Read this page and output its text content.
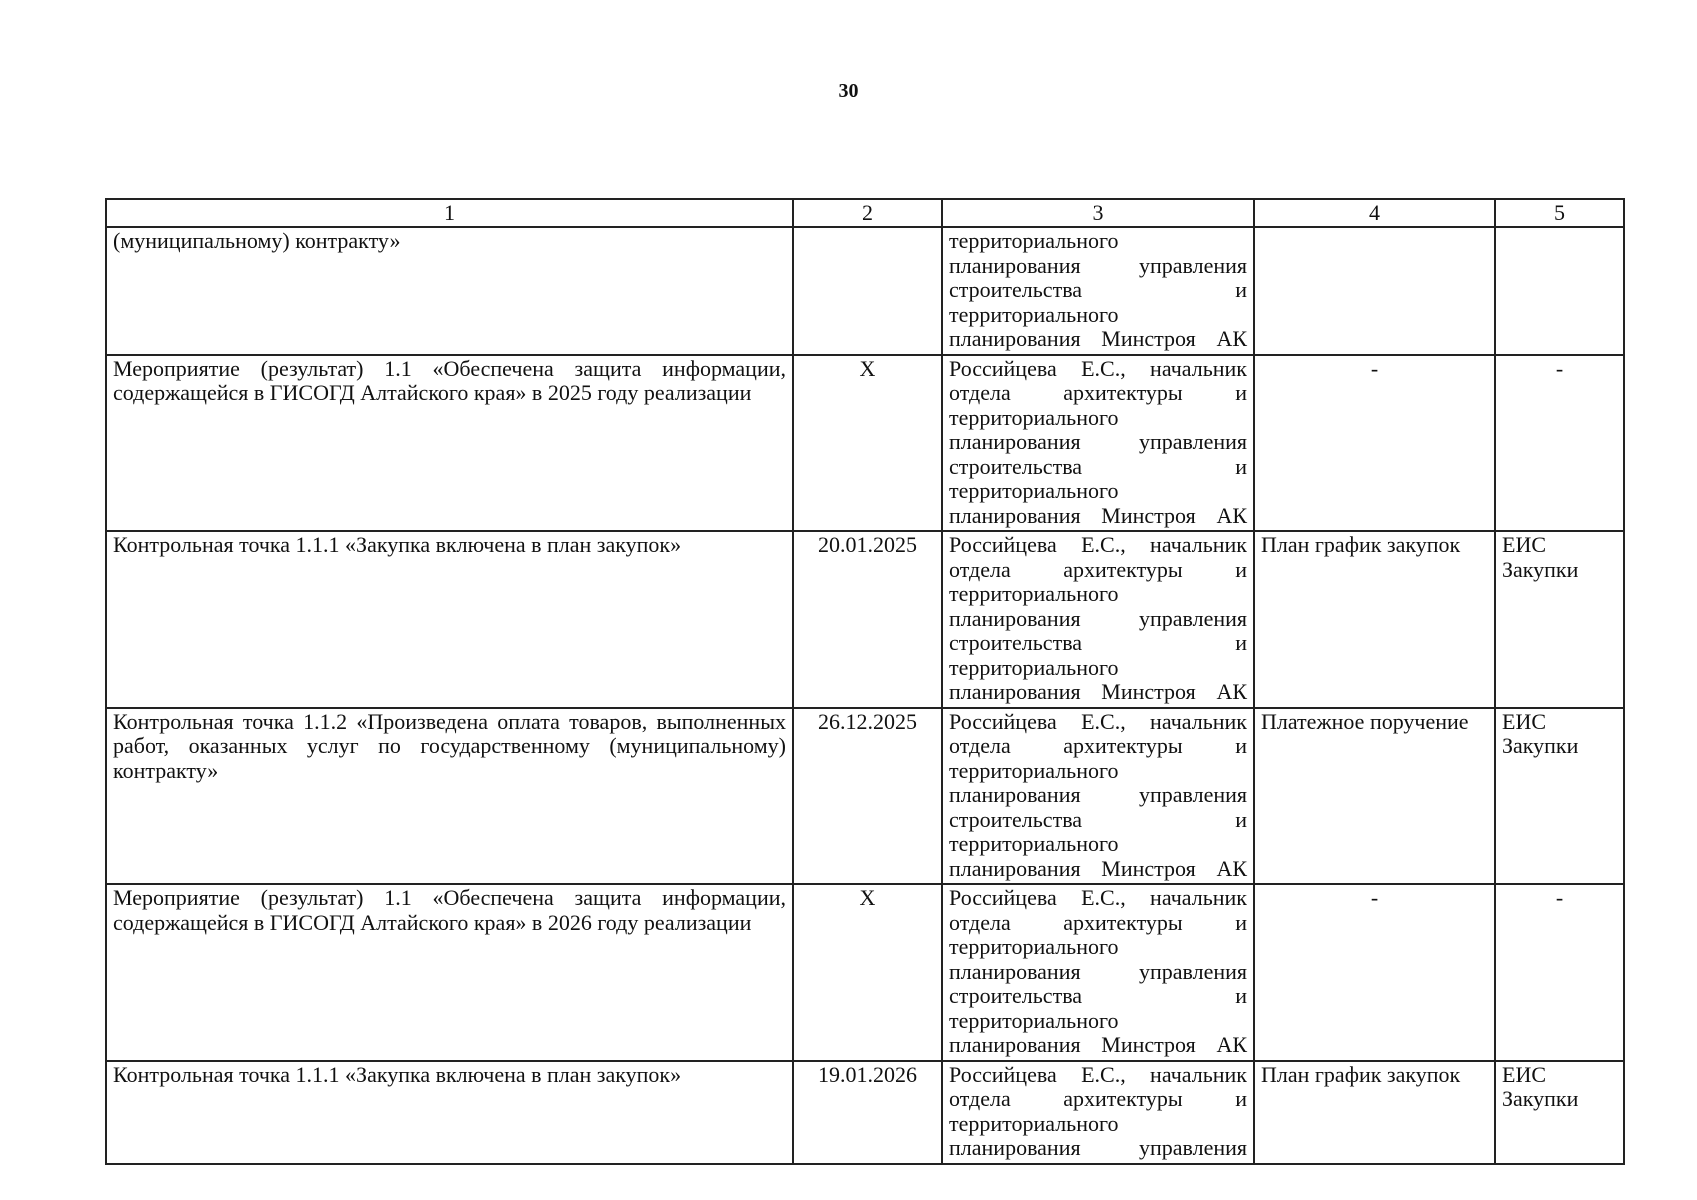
30
1	2	3	4	5
(муниципальному) контракту»		территориального планирования управления строительства и территориального планирования Минстроя АК		
Мероприятие (результат) 1.1 «Обеспечена защита информации, содержащейся в ГИСОГД Алтайского края» в 2025 году реализации	Х	Российцева Е.С., начальник отдела архитектуры и территориального планирования управления строительства и территориального планирования Минстроя АК	-	-
Контрольная точка 1.1.1 «Закупка включена в план закупок»	20.01.2025	Российцева Е.С., начальник отдела архитектуры и территориального планирования управления строительства и территориального планирования Минстроя АК	План график закупок	ЕИС Закупки
Контрольная точка 1.1.2 «Произведена оплата товаров, выполненных работ, оказанных услуг по государственному (муниципальному) контракту»	26.12.2025	Российцева Е.С., начальник отдела архитектуры и территориального планирования управления строительства и территориального планирования Минстроя АК	Платежное поручение	ЕИС Закупки
Мероприятие (результат) 1.1 «Обеспечена защита информации, содержащейся в ГИСОГД Алтайского края» в 2026 году реализации	Х	Российцева Е.С., начальник отдела архитектуры и территориального планирования управления строительства и территориального планирования Минстроя АК	-	-
Контрольная точка 1.1.1 «Закупка включена в план закупок»	19.01.2026	Российцева Е.С., начальник отдела архитектуры и территориального планирования управления	План график закупок	ЕИС Закупки
